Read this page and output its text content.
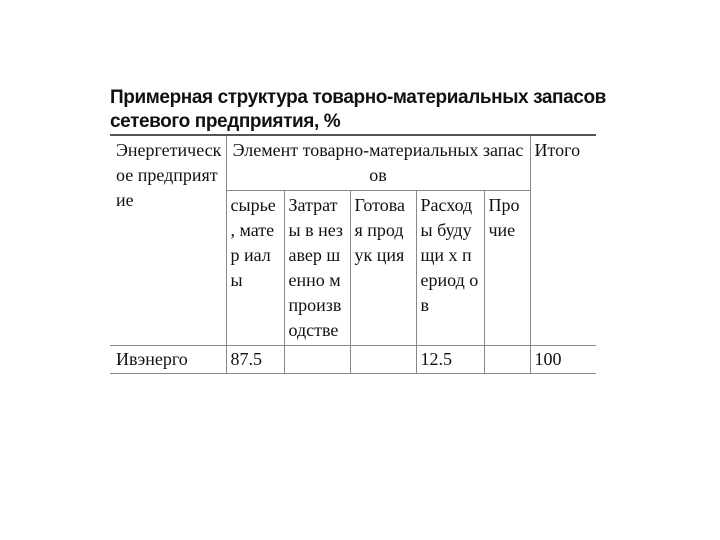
Примерная структура товарно-материальных запасов сетевого предприятия, %
Энергетическ ое предприятие	Элемент товарно-материальных запасов					Итого
	сырье , матер иалы	Затрат ы в незавер шенно м произв одстве	Готова я продук ция	Расход ы будущи х период ов	Про чие	
Ивэнерго	87.5			12.5		100
